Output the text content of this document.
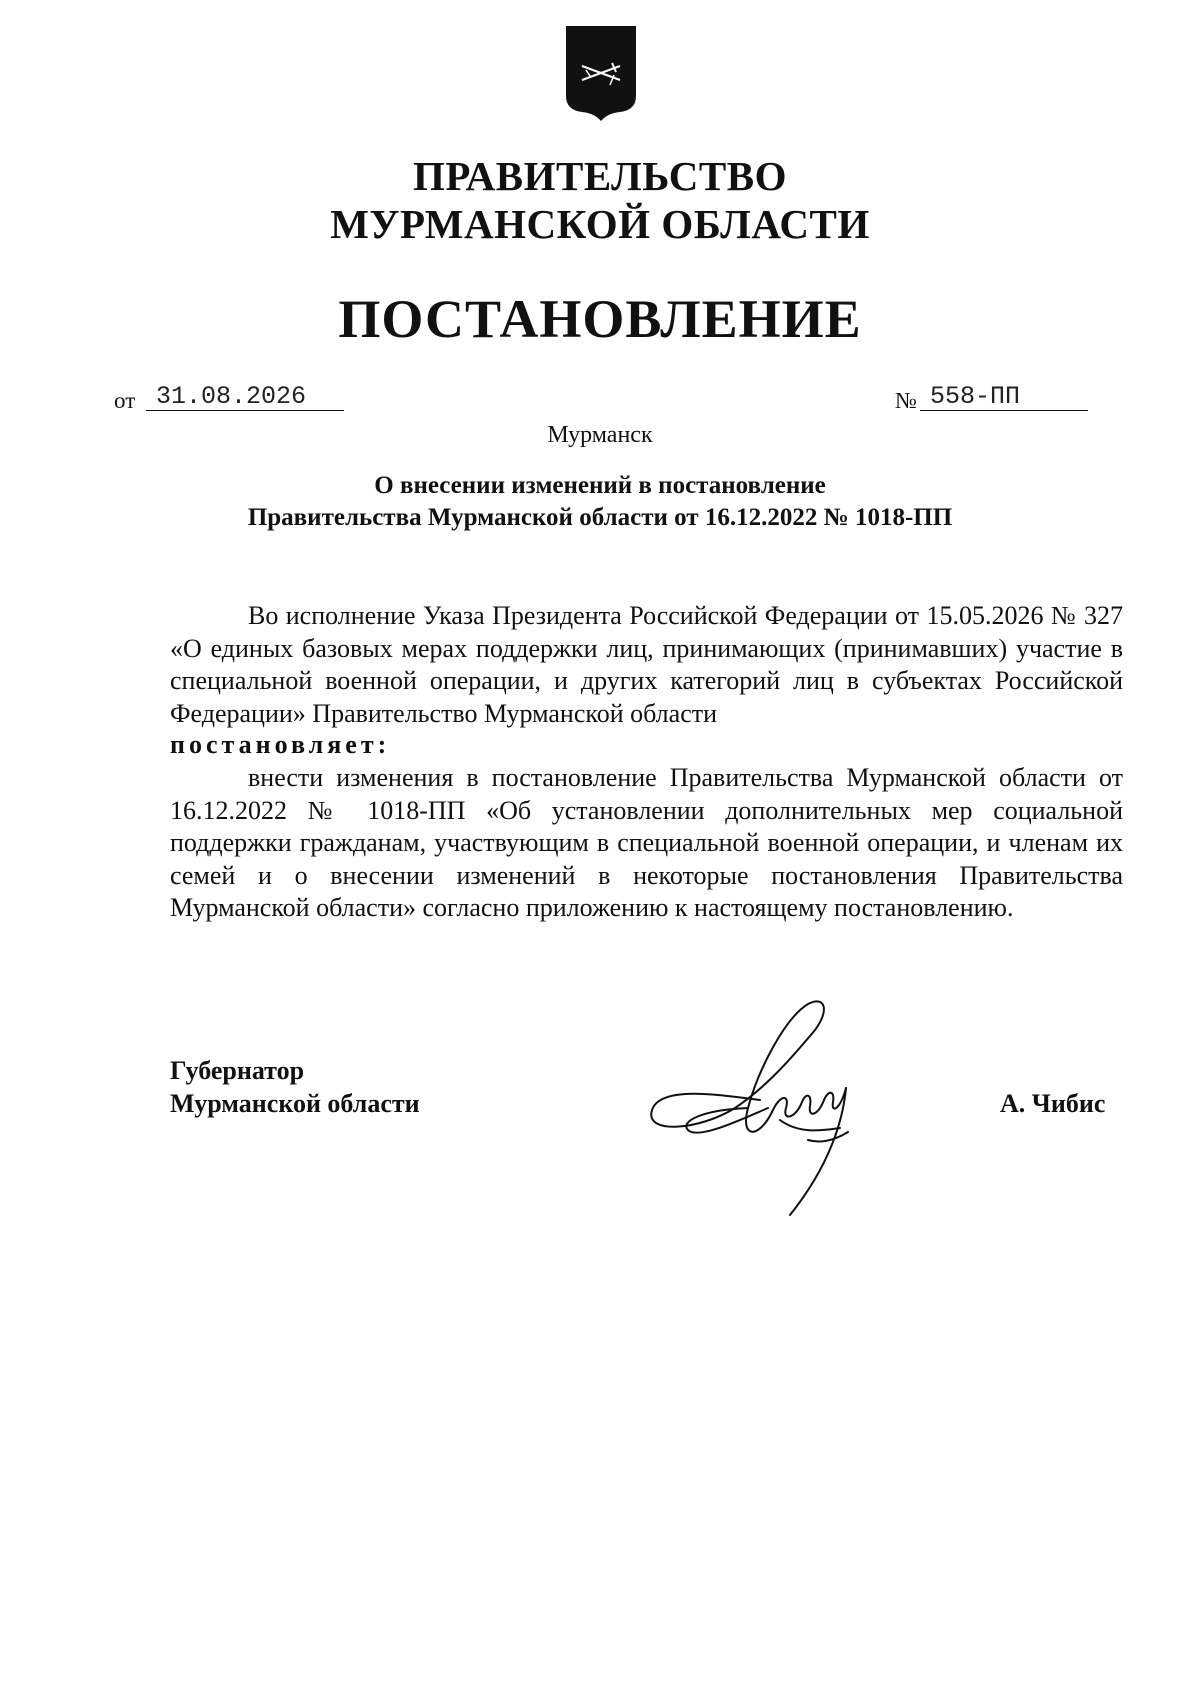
ПРАВИТЕЛЬСТВО
МУРМАНСКОЙ ОБЛАСТИ
ПОСТАНОВЛЕНИЕ
от 31.08.2026	№ 558-ПП
Мурманск
О внесении изменений в постановление
Правительства Мурманской области от 16.12.2022 № 1018-ПП
Во исполнение Указа Президента Российской Федерации от 15.05.2026 № 327 «О единых базовых мерах поддержки лиц, принимающих (принимавших) участие в специальной военной операции, и других категорий лиц в субъектах Российской Федерации» Правительство Мурманской области
постановляет:
внести изменения в постановление Правительства Мурманской области от 16.12.2022 № 1018-ПП «Об установлении дополнительных мер социальной поддержки гражданам, участвующим в специальной военной операции, и членам их семей и о внесении изменений в некоторые постановления Правительства Мурманской области» согласно приложению к настоящему постановлению.
Губернатор
Мурманской области	А. Чибис
